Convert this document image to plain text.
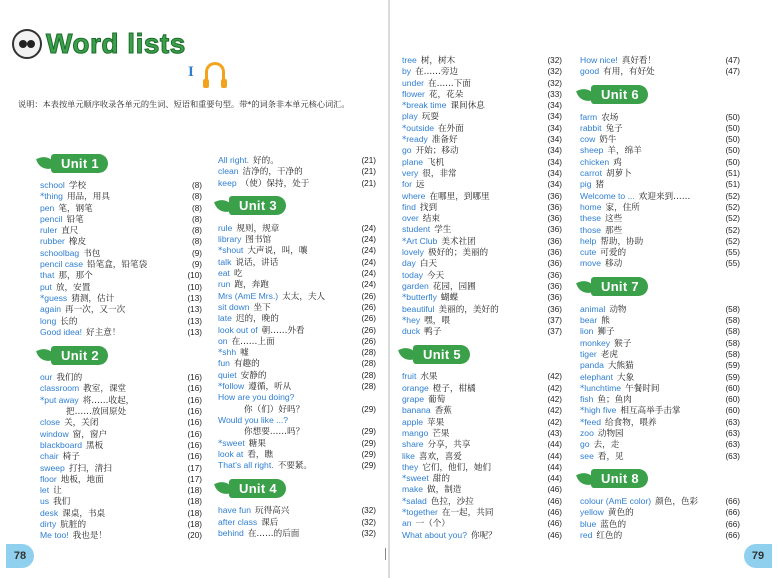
Word lists
I
说明：本表按单元顺序收录各单元的生词、短语和重要句型。带*的词条非本单元核心词汇。
Unit 1
school 学校	(8)
*thing 用品，用具	(8)
pen 笔，钢笔	(8)
pencil 铅笔	(8)
ruler 直尺	(8)
rubber 橡皮	(8)
schoolbag 书包	(9)
pencil case 铅笔盒，铅笔袋	(9)
that 那，那个	(10)
put 放，安置	(10)
*guess 猜测，估计	(13)
again 再一次，又一次	(13)
long 长的	(13)
Good idea! 好主意！	(13)
Unit 2
our 我们的	(16)
classroom 教室，课堂	(16)
*put away 将……收起，	(16)
把……放回原处	(16)
close 关，关闭	(16)
window 窗，窗户	(16)
blackboard 黑板	(16)
chair 椅子	(16)
sweep 打扫，清扫	(17)
floor 地板，地面	(17)
let 让	(18)
us 我们	(18)
desk 课桌，书桌	(18)
dirty 肮脏的	(18)
Me too! 我也是！	(20)
All right. 好的。	(21)
clean 洁净的，干净的	(21)
keep （使）保持，处于	(21)
Unit 3
rule 规则，规章	(24)
library 图书馆	(24)
*shout 大声说，叫，嚷	(24)
talk 说话，讲话	(24)
eat 吃	(24)
run 跑，奔跑	(24)
Mrs (AmE Mrs.) 太太，夫人	(26)
sit down 坐下	(26)
late 迟的，晚的	(26)
look out of 朝……外看	(26)
on 在……上面	(26)
*shh 嘘	(28)
fun 有趣的	(28)
quiet 安静的	(28)
*follow 遵循，听从	(28)
How are you doing?
你（们）好吗？	(29)
Would you like ...?
你想要……吗？	(29)
*sweet 糖果	(29)
look at 看，瞧	(29)
That's all right. 不要紧。	(29)
Unit 4
have fun 玩得高兴	(32)
after class 课后	(32)
behind 在……的后面	(32)
tree 树，树木	(32)
by 在……旁边	(32)
under 在……下面	(32)
flower 花，花朵	(33)
*break time 课间休息	(34)
play 玩耍	(34)
*outside 在外面	(34)
*ready 准备好	(34)
go 开始；移动	(34)
plane 飞机	(34)
very 很，非常	(34)
for 远	(34)
where 在哪里，到哪里	(36)
find 找到	(36)
over 结束	(36)
student 学生	(36)
*Art Club 美术社团	(36)
lovely 极好的；美丽的	(36)
day 白天	(36)
today 今天	(36)
garden 花园，园圃	(36)
*butterfly 蝴蝶	(36)
beautiful 美丽的，美好的	(36)
*hey 嘿，喂	(37)
duck 鸭子	(37)
Unit 5
fruit 水果	(42)
orange 橙子，柑橘	(42)
grape 葡萄	(42)
banana 香蕉	(42)
apple 苹果	(42)
mango 芒果	(43)
share 分享，共享	(44)
like 喜欢，喜爱	(44)
they 它们，他们，她们	(44)
*sweet 甜的	(44)
make 做，制造	(46)
*salad 色拉，沙拉	(46)
*together 在一起，共同	(46)
an 一（个）	(46)
What about you? 你呢？	(46)
How nice! 真好看！	(47)
good 有用，有好处	(47)
Unit 6
farm 农场	(50)
rabbit 兔子	(50)
cow 奶牛	(50)
sheep 羊，绵羊	(50)
chicken 鸡	(50)
carrot 胡萝卜	(51)
pig 猪	(51)
Welcome to ... 欢迎来到……	(52)
home 家，住所	(52)
these 这些	(52)
those 那些	(52)
help 帮助，协助	(52)
cute 可爱的	(55)
move 移动	(55)
Unit 7
animal 动物	(58)
bear 熊	(58)
lion 狮子	(58)
monkey 猴子	(58)
tiger 老虎	(58)
panda 大熊猫	(59)
elephant 大象	(59)
*lunchtime 午餐时间	(60)
fish 鱼；鱼肉	(60)
*high five 相互高举手击掌	(60)
*feed 给食物，喂养	(63)
zoo 动物园	(63)
go 去，走	(63)
see 看，见	(63)
Unit 8
colour (AmE color) 颜色，色彩	(66)
yellow 黄色的	(66)
blue 蓝色的	(66)
red 红色的	(66)
78	79
